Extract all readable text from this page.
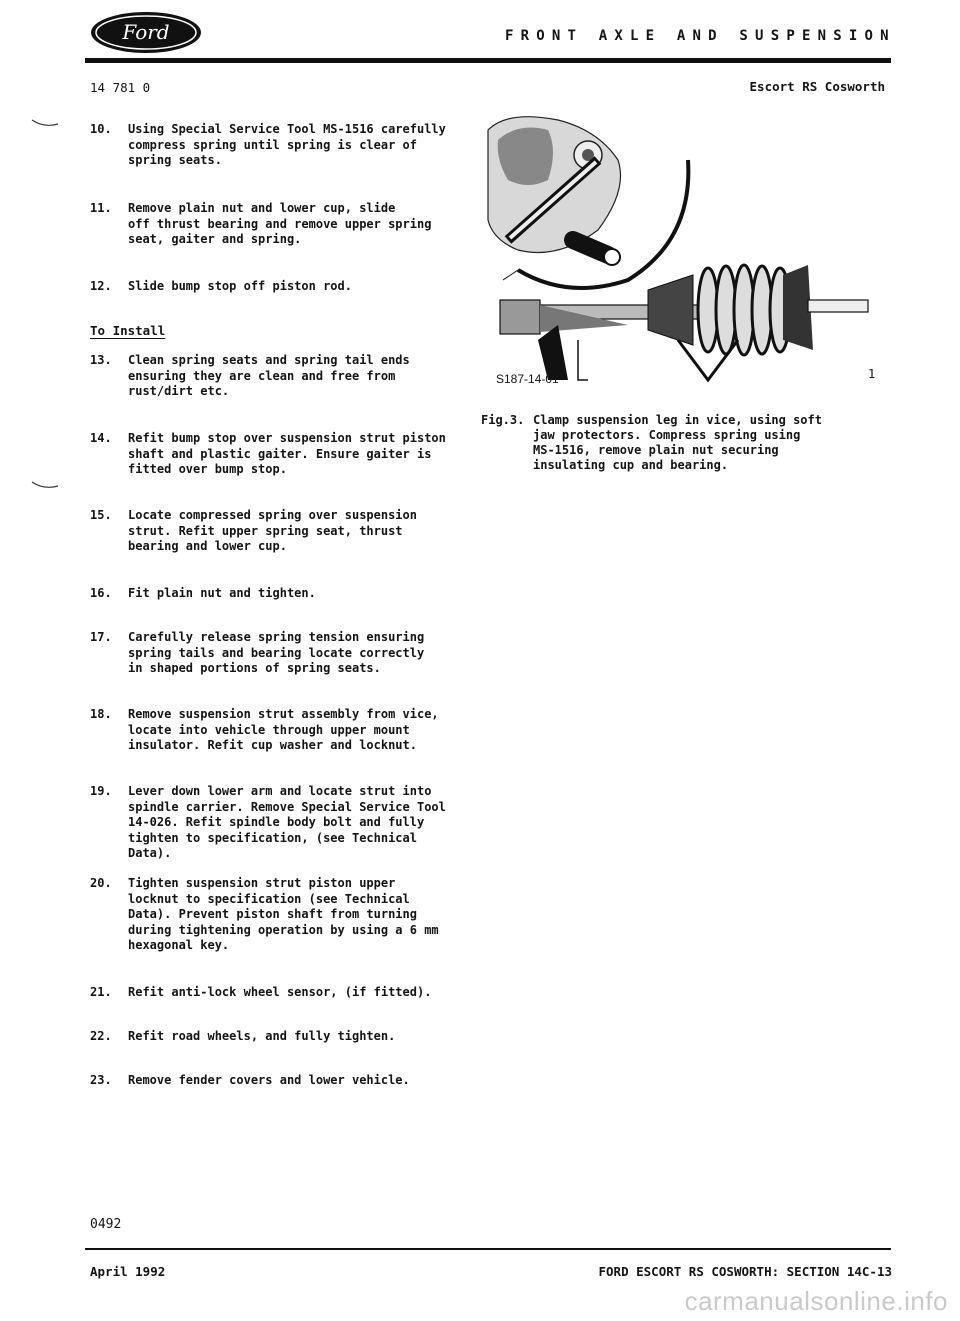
Ford	FRONT AXLE AND SUSPENSION
14 781 0	Escort RS Cosworth
10.	Using Special Service Tool MS-1516 carefully
compress spring until spring is clear of
spring seats.
11.	Remove plain nut and lower cup, slide
off thrust bearing and remove upper spring
seat, gaiter and spring.
12.	Slide bump stop off piston rod.
To Install
13.	Clean spring seats and spring tail ends
ensuring they are clean and free from
rust/dirt etc.
14.	Refit bump stop over suspension strut piston
shaft and plastic gaiter. Ensure gaiter is
fitted over bump stop.
15.	Locate compressed spring over suspension
strut. Refit upper spring seat, thrust
bearing and lower cup.
16.	Fit plain nut and tighten.
17.	Carefully release spring tension ensuring
spring tails and bearing locate correctly
in shaped portions of spring seats.
18.	Remove suspension strut assembly from vice,
locate into vehicle through upper mount
insulator. Refit cup washer and locknut.
19.	Lever down lower arm and locate strut into
spindle carrier. Remove Special Service Tool
14-026. Refit spindle body bolt and fully
tighten to specification, (see Technical
Data).
20.	Tighten suspension strut piston upper
locknut to specification (see Technical
Data). Prevent piston shaft from turning
during tightening operation by using a 6 mm
hexagonal key.
21.	Refit anti-lock wheel sensor, (if fitted).
22.	Refit road wheels, and fully tighten.
23.	Remove fender covers and lower vehicle.
S187-14-01	1
Fig.3. Clamp suspension leg in vice, using soft
jaw protectors. Compress spring using
MS-1516, remove plain nut securing
insulating cup and bearing.
0492
April 1992	FORD ESCORT RS COSWORTH: SECTION 14C-13
carmanualsonline.info
